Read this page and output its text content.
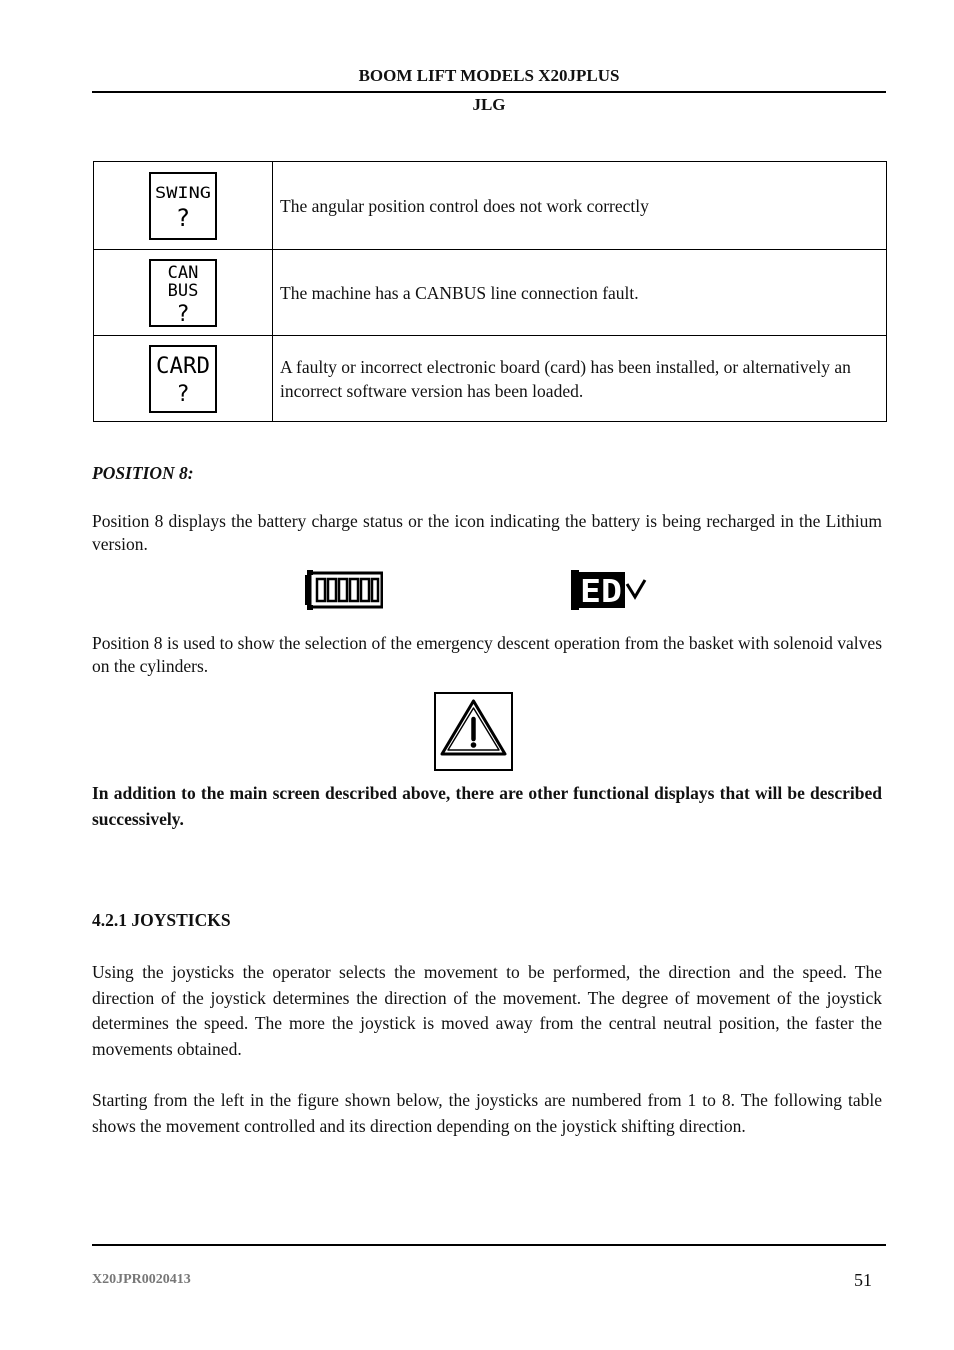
BOOM LIFT MODELS X20JPLUS
JLG
SWING
?	The angular position control does not work correctly

CAN
BUS
?	The machine has a CANBUS line connection fault.

CARD
?	A faulty or incorrect electronic board (card) has been installed, or alternatively an incorrect software version has been loaded.
POSITION 8:
Position 8 displays the battery charge status or the icon indicating the battery is being recharged in the Lithium version.
ED
Position 8 is used to show the selection of the emergency descent operation from the basket with solenoid valves on the cylinders.
In addition to the main screen described above, there are other functional displays that will be described successively.
4.2.1 JOYSTICKS
Using the joysticks the operator selects the movement to be performed, the direction and the speed. The direction of the joystick determines the direction of the movement. The degree of movement of the joystick determines the speed. The more the joystick is moved away from the central neutral position, the faster the movements obtained.
Starting from the left in the figure shown below, the joysticks are numbered from 1 to 8. The following table shows the movement controlled and its direction depending on the joystick shifting direction.
X20JPR0020413	51
